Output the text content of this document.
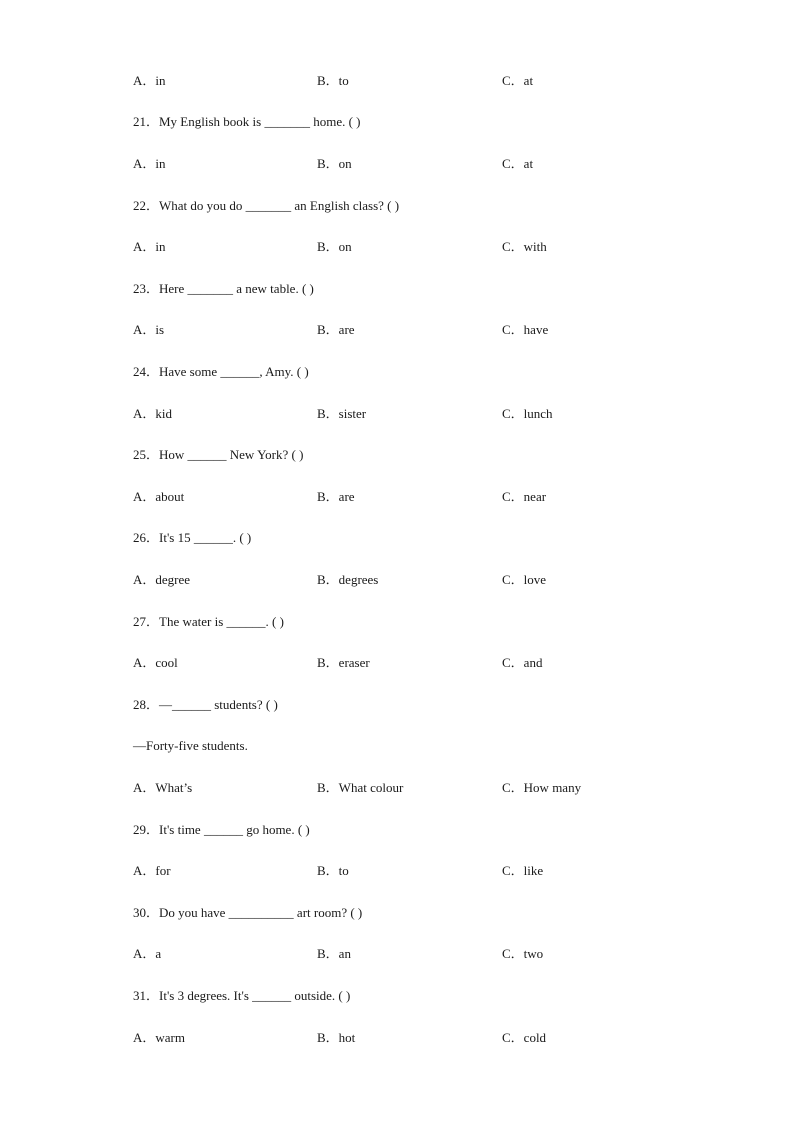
A．in	B．to	C．at
21．My English book is _______ home. ( )
A．in	B．on	C．at
22．What do you do _______ an English class? ( )
A．in	B．on	C．with
23．Here _______ a new table. ( )
A．is	B．are	C．have
24．Have some ______, Amy. ( )
A．kid	B．sister	C．lunch
25．How ______ New York? ( )
A．about	B．are	C．near
26．It's 15 ______. ( )
A．degree	B．degrees	C．love
27．The water is ______. ( )
A．cool	B．eraser	C．and
28．—______ students? ( )
—Forty-five students.
A．What’s	B．What colour	C．How many
29．It's time ______ go home. ( )
A．for	B．to	C．like
30．Do you have __________ art room? ( )
A．a	B．an	C．two
31．It's 3 degrees. It's ______ outside. ( )
A．warm	B．hot	C．cold
